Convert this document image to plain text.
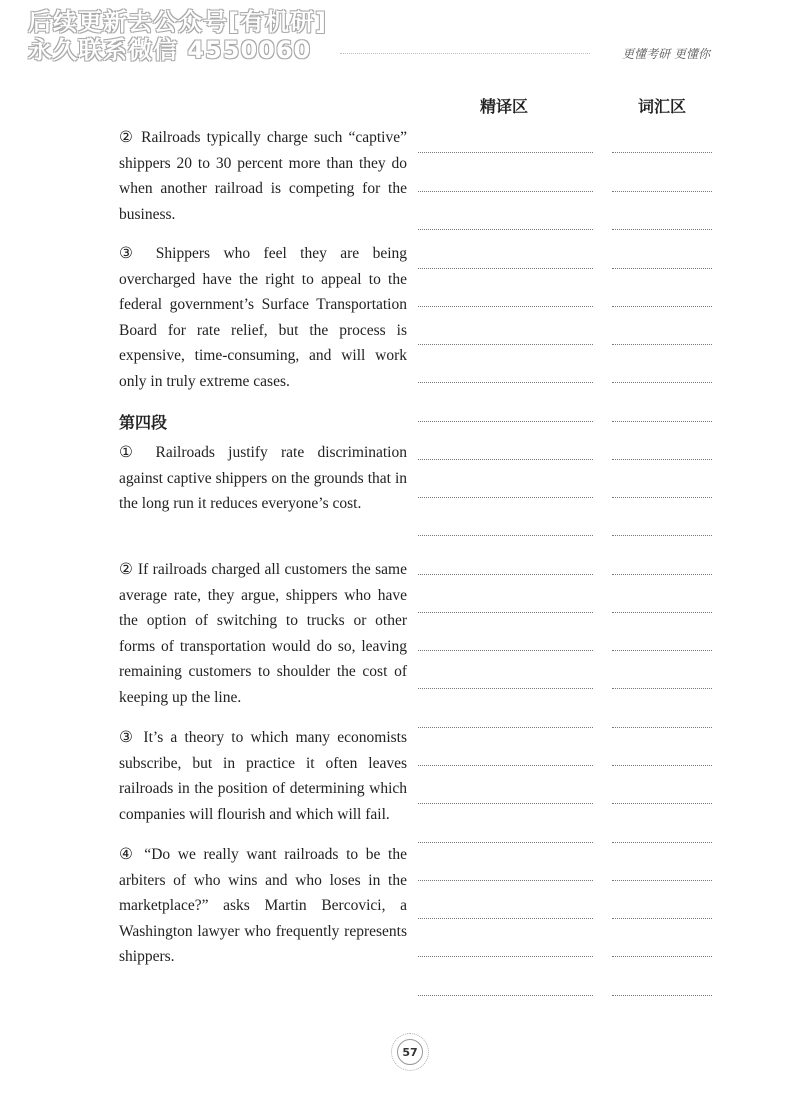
后续更新去公众号[有机研]
永久联系微信 4550060	更懂考研 更懂你
精译区	词汇区
② Railroads typically charge such “captive” shippers 20 to 30 percent more than they do when another railroad is competing for the business.
③ Shippers who feel they are being overcharged have the right to appeal to the federal government’s Surface Transportation Board for rate relief, but the process is expensive, time-consuming, and will work only in truly extreme cases.
第四段
① Railroads justify rate discrimination against captive shippers on the grounds that in the long run it reduces everyone’s cost.
② If railroads charged all customers the same average rate, they argue, shippers who have the option of switching to trucks or other forms of transportation would do so, leaving remaining customers to shoulder the cost of keeping up the line.
③ It’s a theory to which many economists subscribe, but in practice it often leaves railroads in the position of determining which companies will flourish and which will fail.
④ “Do we really want railroads to be the arbiters of who wins and who loses in the marketplace?” asks Martin Bercovici, a Washington lawyer who frequently represents shippers.
57
